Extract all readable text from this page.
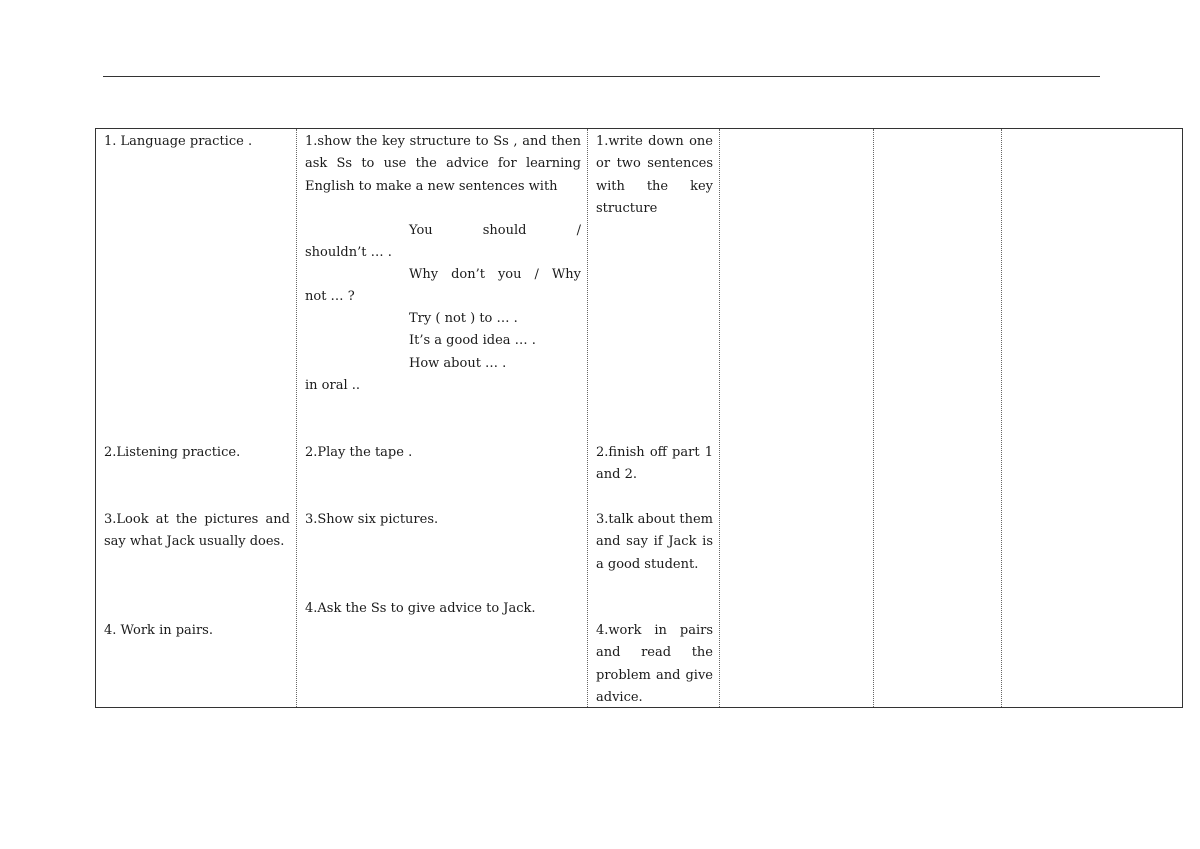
1. Language practice .
2.Listening practice.
3.Look at the pictures and say what Jack usually does.
4. Work in pairs.
1.show the key structure to Ss , and then ask Ss to use the advice for learning English to make a new sentences with
You	should	/
shouldn’t … .
Why don’t you / Why
not … ?
Try ( not ) to … .
It’s a good idea … .
How about … .
in oral ..
2.Play the tape .
3.Show six pictures.
4.Ask the Ss to give advice to Jack.
1.write down one or two sentences with the key structure
2.finish off part 1 and 2.
3.talk about them and say if Jack is a good student.
4.work in pairs and read the problem and give advice.
